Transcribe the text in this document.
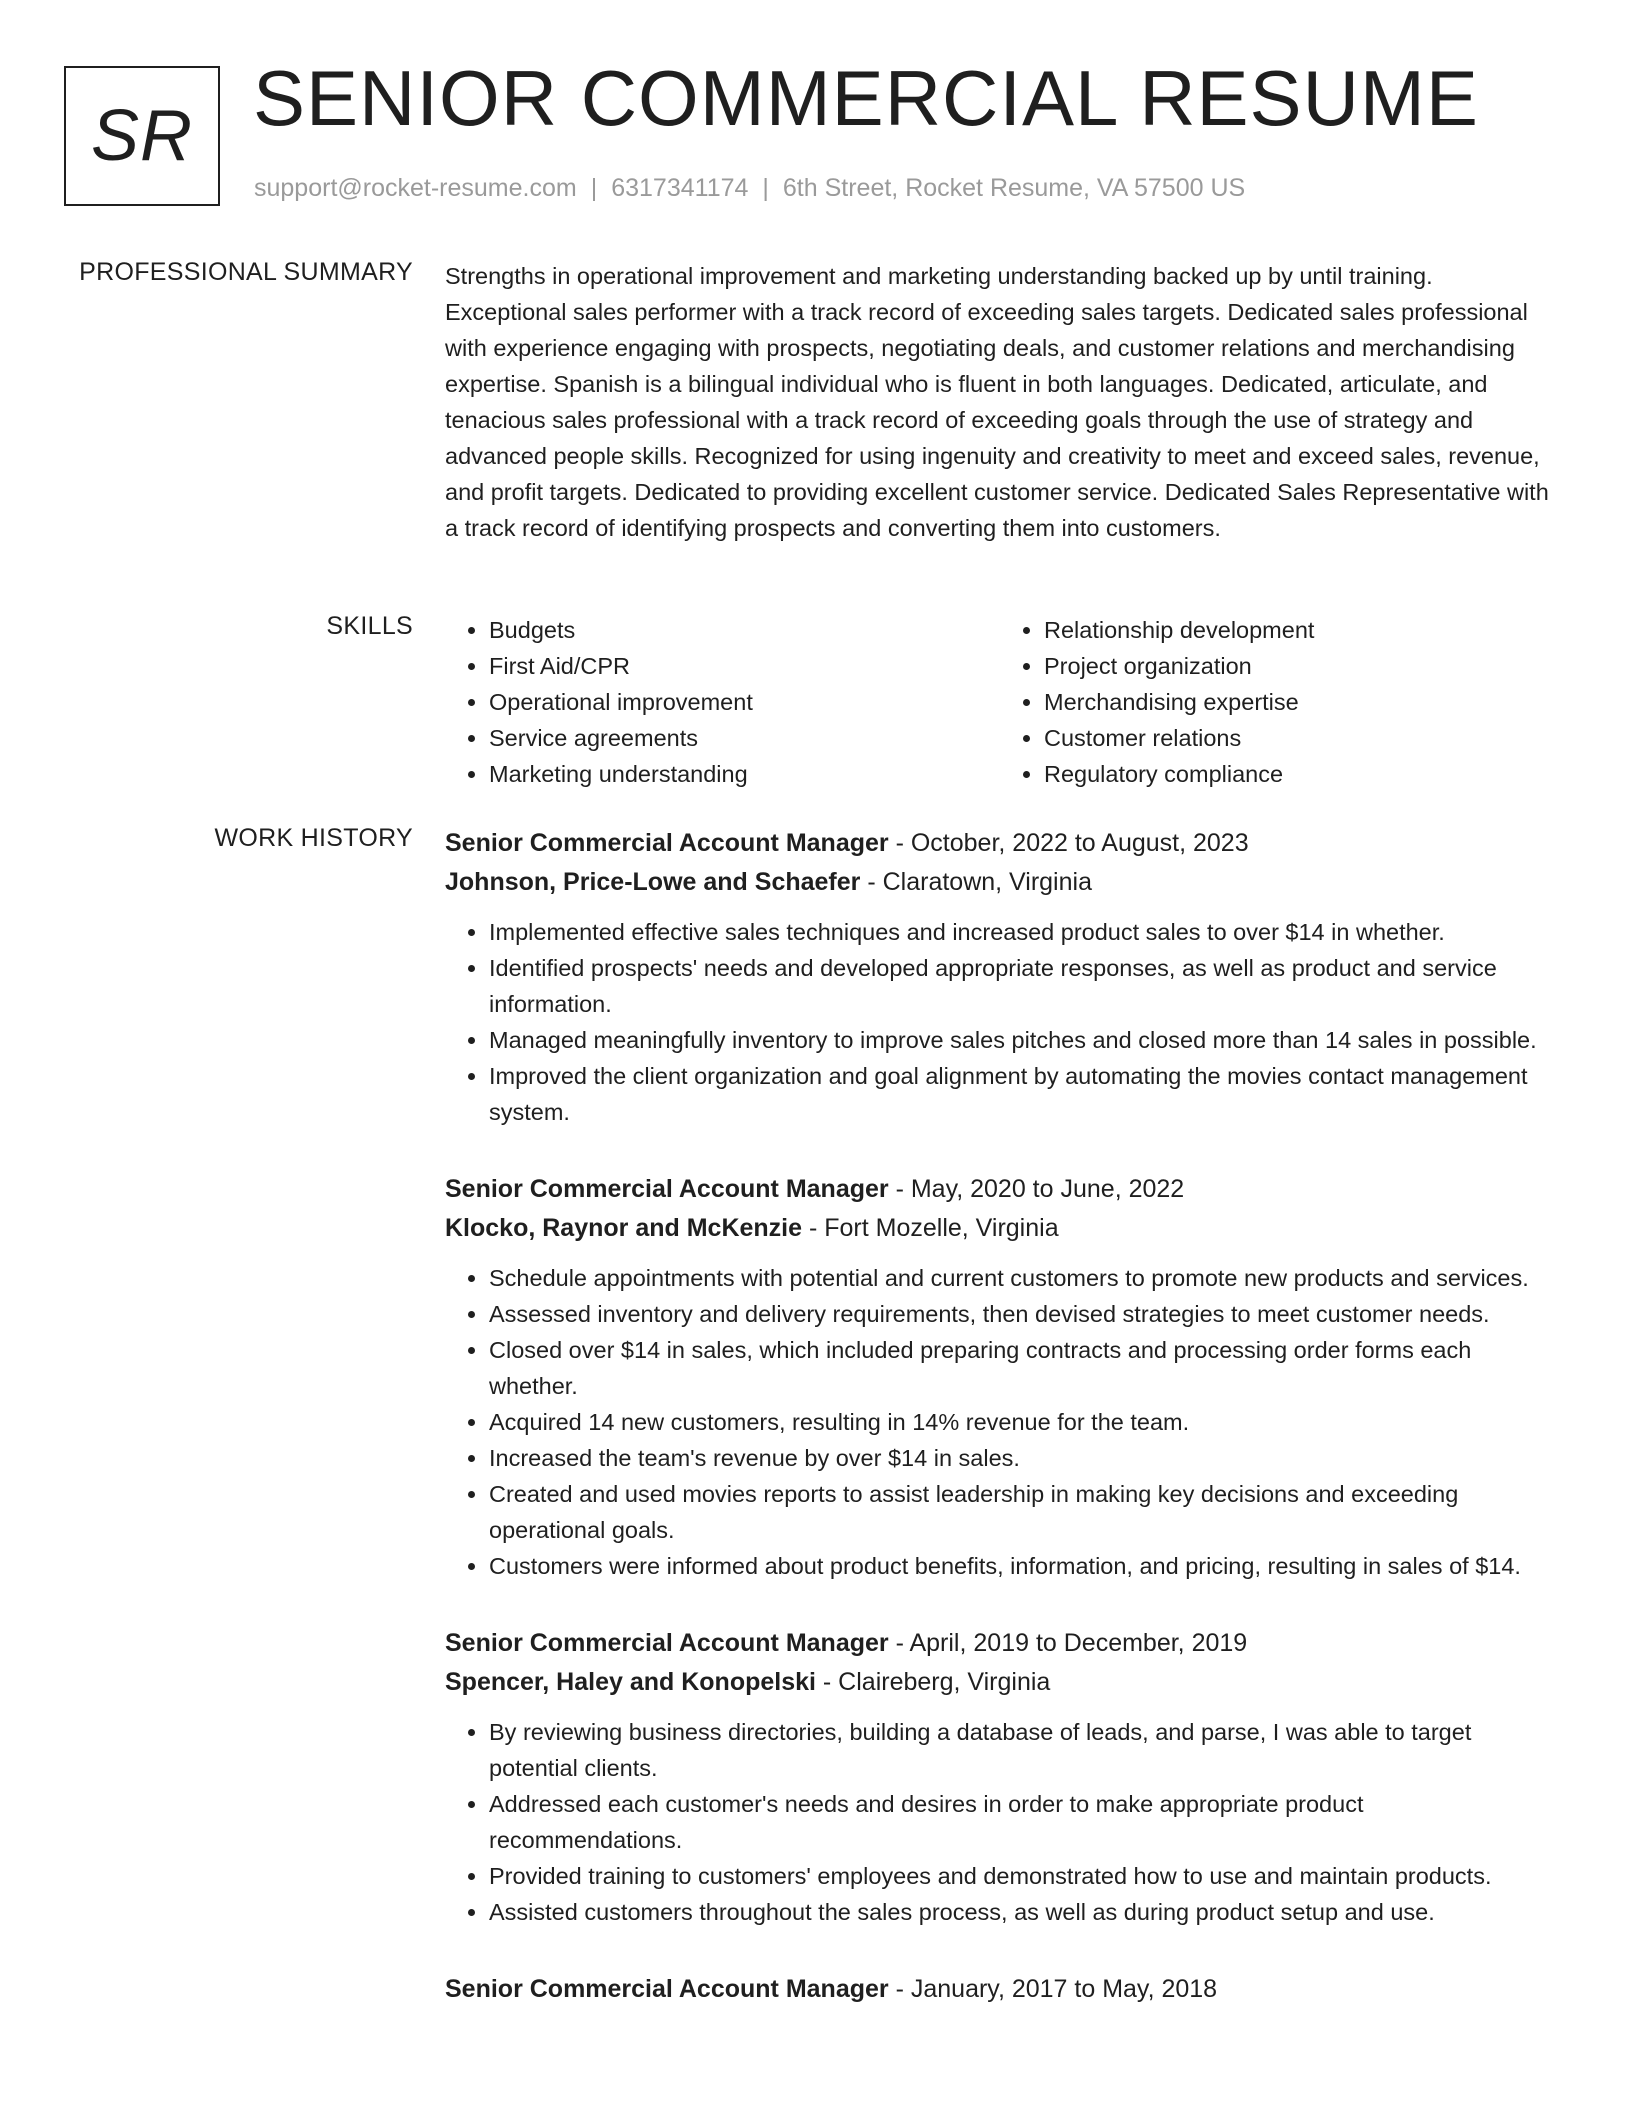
SR SENIOR COMMERCIAL RESUME
support@rocket-resume.com | 6317341174 | 6th Street, Rocket Resume, VA 57500 US
PROFESSIONAL SUMMARY Strengths in operational improvement and marketing understanding backed up by until training. Exceptional sales performer with a track record of exceeding sales targets. Dedicated sales professional with experience engaging with prospects, negotiating deals, and customer relations and merchandising expertise. Spanish is a bilingual individual who is fluent in both languages. Dedicated, articulate, and tenacious sales professional with a track record of exceeding goals through the use of strategy and advanced people skills. Recognized for using ingenuity and creativity to meet and exceed sales, revenue, and profit targets. Dedicated to providing excellent customer service. Dedicated Sales Representative with a track record of identifying prospects and converting them into customers.

SKILLS
•	Budgets
• First Aid/CPR
• Operational improvement
• Service agreements
• Marketing understanding
• Relationship development
• Project organization
• Merchandising expertise
• Customer relations
• Regulatory compliance
WORK HISTORY Senior Commercial Account Manager - October, 2022 to August, 2023
Johnson, Price-Lowe and Schaefer - Claratown, Virginia
• Implemented effective sales techniques and increased product sales to over $14 in whether.
• Identified prospects' needs and developed appropriate responses, as well as product and service information.
• Managed meaningfully inventory to improve sales pitches and closed more than 14 sales in possible.
• Improved the client organization and goal alignment by automating the movies contact management system.
Senior Commercial Account Manager - May, 2020 to June, 2022
Klocko, Raynor and McKenzie - Fort Mozelle, Virginia
• Schedule appointments with potential and current customers to promote new products and services.
• Assessed inventory and delivery requirements, then devised strategies to meet customer needs.
• Closed over $14 in sales, which included preparing contracts and processing order forms each whether.
• Acquired 14 new customers, resulting in 14% revenue for the team.
• Increased the team's revenue by over $14 in sales.
• Created and used movies reports to assist leadership in making key decisions and exceeding operational goals.
• Customers were informed about product benefits, information, and pricing, resulting in sales of $14.
Senior Commercial Account Manager - April, 2019 to December, 2019
Spencer, Haley and Konopelski - Claireberg, Virginia
• By reviewing business directories, building a database of leads, and parse, I was able to target potential clients.
• Addressed each customer's needs and desires in order to make appropriate product recommendations.
• Provided training to customers' employees and demonstrated how to use and maintain products.
• Assisted customers throughout the sales process, as well as during product setup and use.
Senior Commercial Account Manager - January, 2017 to May, 2018
